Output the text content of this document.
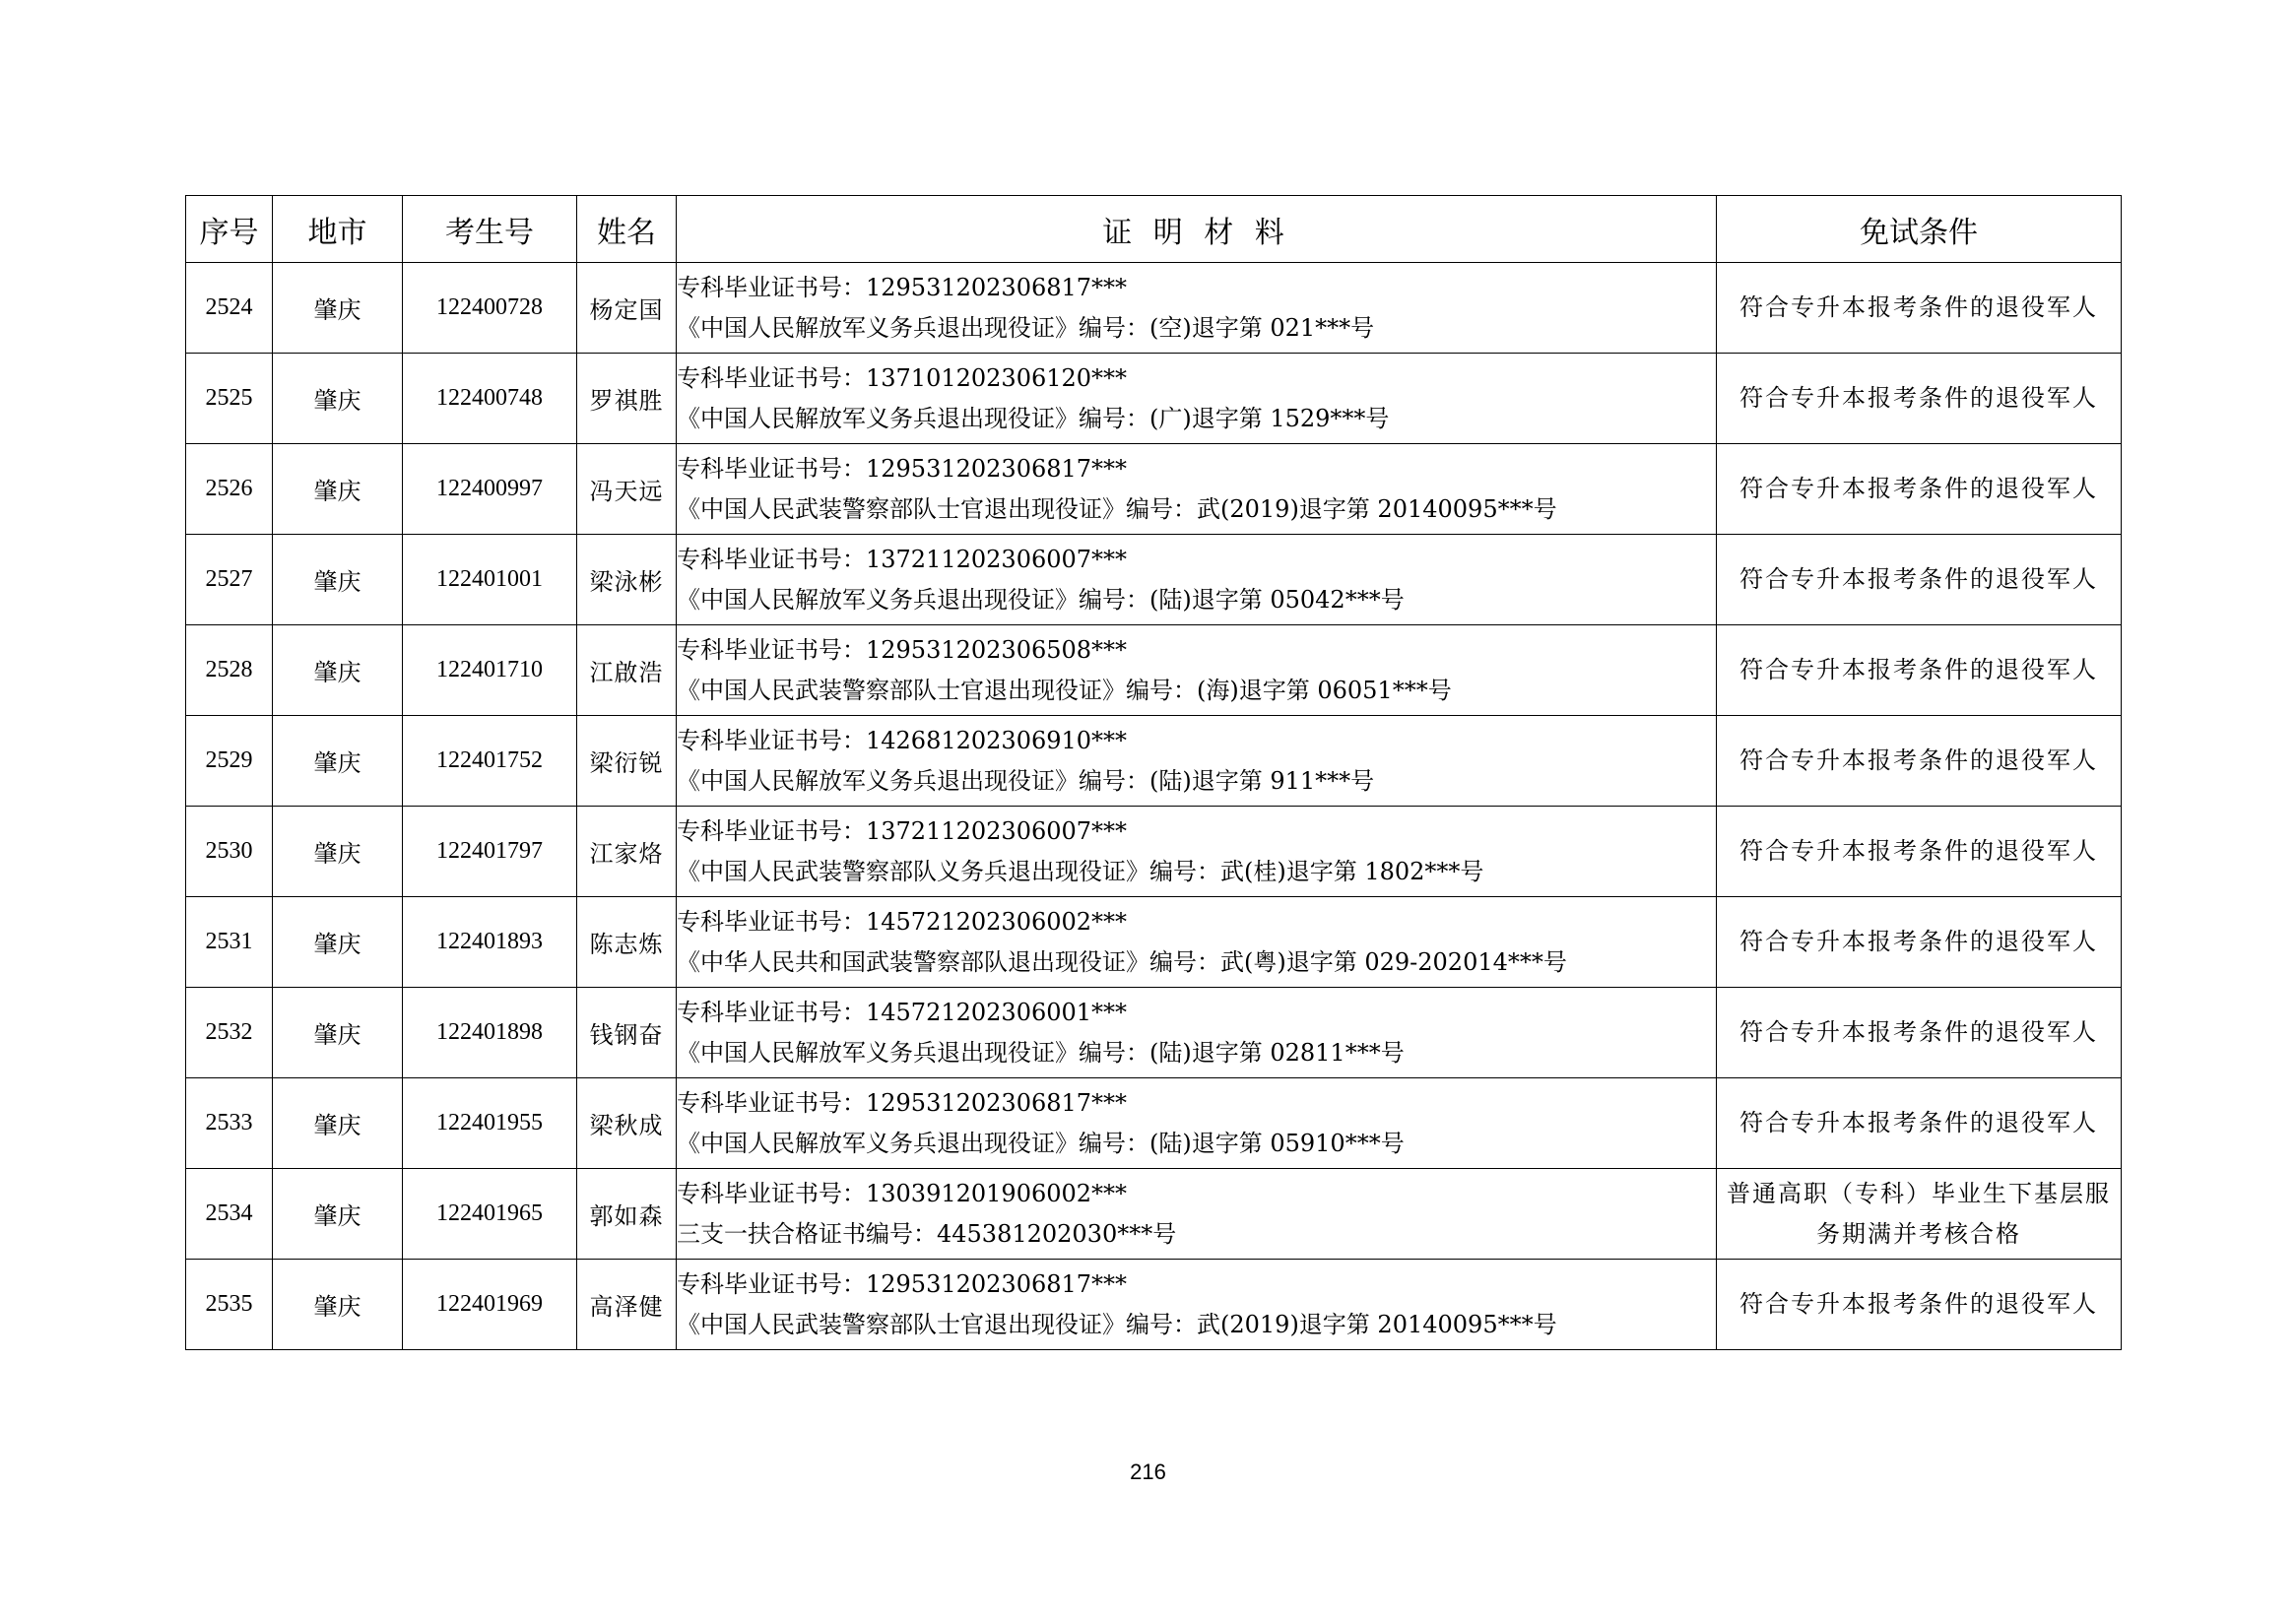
序号	地市	考生号	姓名	证 明 材 料	免试条件
2524	肇庆	122400728	杨定国	专科毕业证书号：129531202306817***
《中国人民解放军义务兵退出现役证》编号：(空)退字第 021***号	符合专升本报考条件的退役军人
2525	肇庆	122400748	罗祺胜	专科毕业证书号：137101202306120***
《中国人民解放军义务兵退出现役证》编号：(广)退字第 1529***号	符合专升本报考条件的退役军人
2526	肇庆	122400997	冯天远	专科毕业证书号：129531202306817***
《中国人民武装警察部队士官退出现役证》编号：武(2019)退字第 20140095***号	符合专升本报考条件的退役军人
2527	肇庆	122401001	梁泳彬	专科毕业证书号：137211202306007***
《中国人民解放军义务兵退出现役证》编号：(陆)退字第 05042***号	符合专升本报考条件的退役军人
2528	肇庆	122401710	江啟浩	专科毕业证书号：129531202306508***
《中国人民武装警察部队士官退出现役证》编号：(海)退字第 06051***号	符合专升本报考条件的退役军人
2529	肇庆	122401752	梁衍锐	专科毕业证书号：142681202306910***
《中国人民解放军义务兵退出现役证》编号：(陆)退字第 911***号	符合专升本报考条件的退役军人
2530	肇庆	122401797	江家烙	专科毕业证书号：137211202306007***
《中国人民武装警察部队义务兵退出现役证》编号：武(桂)退字第 1802***号	符合专升本报考条件的退役军人
2531	肇庆	122401893	陈志炼	专科毕业证书号：145721202306002***
《中华人民共和国武装警察部队退出现役证》编号：武(粤)退字第 029-202014***号	符合专升本报考条件的退役军人
2532	肇庆	122401898	钱钢奋	专科毕业证书号：145721202306001***
《中国人民解放军义务兵退出现役证》编号：(陆)退字第 02811***号	符合专升本报考条件的退役军人
2533	肇庆	122401955	梁秋成	专科毕业证书号：129531202306817***
《中国人民解放军义务兵退出现役证》编号：(陆)退字第 05910***号	符合专升本报考条件的退役军人
2534	肇庆	122401965	郭如森	专科毕业证书号：130391201906002***
三支一扶合格证书编号：445381202030***号	普通高职（专科）毕业生下基层服务期满并考核合格
2535	肇庆	122401969	高泽健	专科毕业证书号：129531202306817***
《中国人民武装警察部队士官退出现役证》编号：武(2019)退字第 20140095***号	符合专升本报考条件的退役军人
216
